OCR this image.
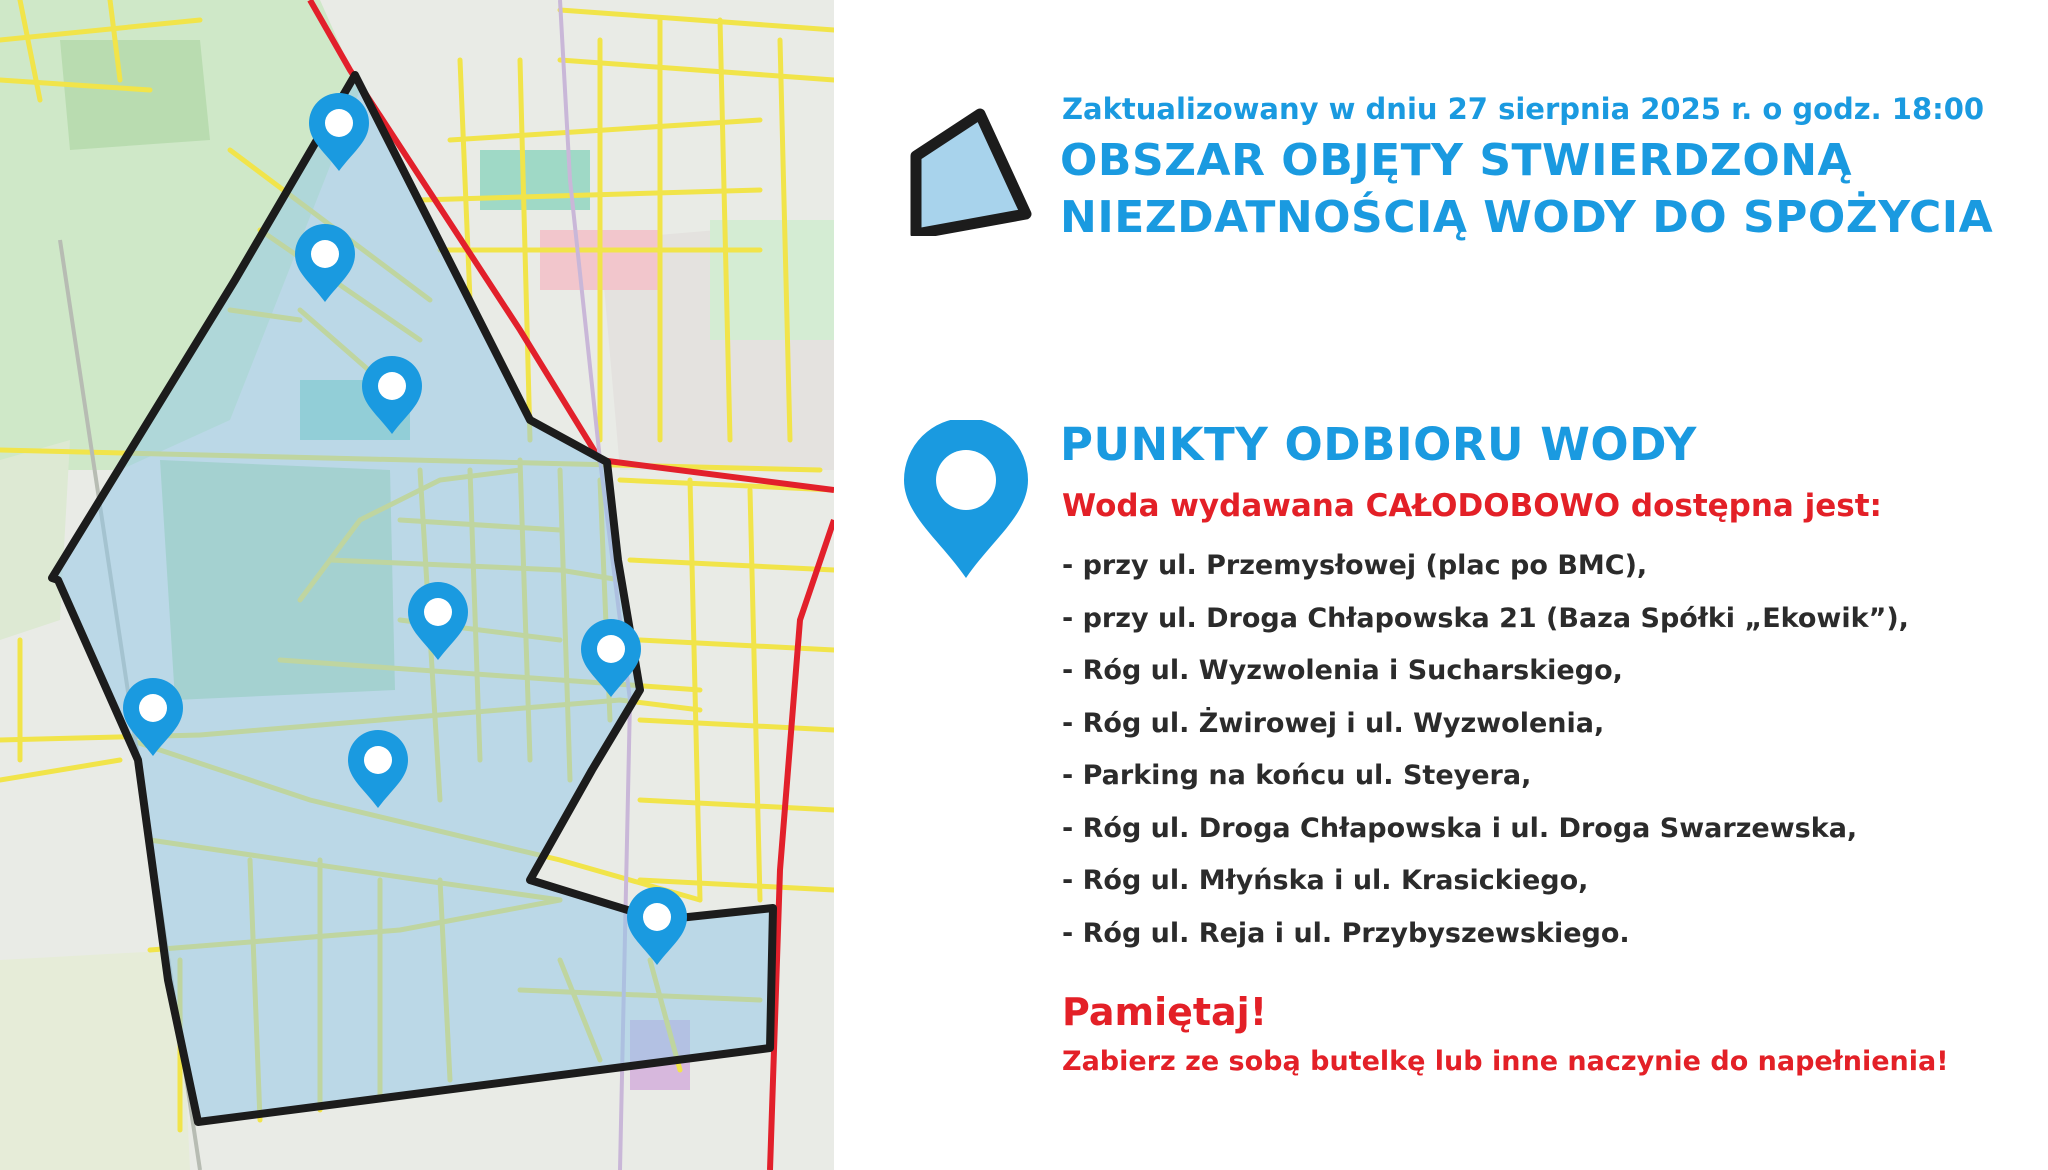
Zaktualizowany w dniu 27 sierpnia 2025 r. o godz. 18:00
OBSZAR OBJĘTY STWIERDZONĄ
NIEZDATNOŚCIĄ WODY DO SPOŻYCIA
PUNKTY ODBIORU WODY
Woda wydawana CAŁODOBOWO dostępna jest:
- przy ul. Przemysłowej (plac po BMC),
- przy ul. Droga Chłapowska 21 (Baza Spółki „Ekowik”),
- Róg ul. Wyzwolenia i Sucharskiego,
- Róg ul. Żwirowej i ul. Wyzwolenia,
- Parking na końcu ul. Steyera,
- Róg ul. Droga Chłapowska i ul. Droga Swarzewska,
- Róg ul. Młyńska i ul. Krasickiego,
- Róg ul. Reja i ul. Przybyszewskiego.
Pamiętaj!
Zabierz ze sobą butelkę lub inne naczynie do napełnienia!
